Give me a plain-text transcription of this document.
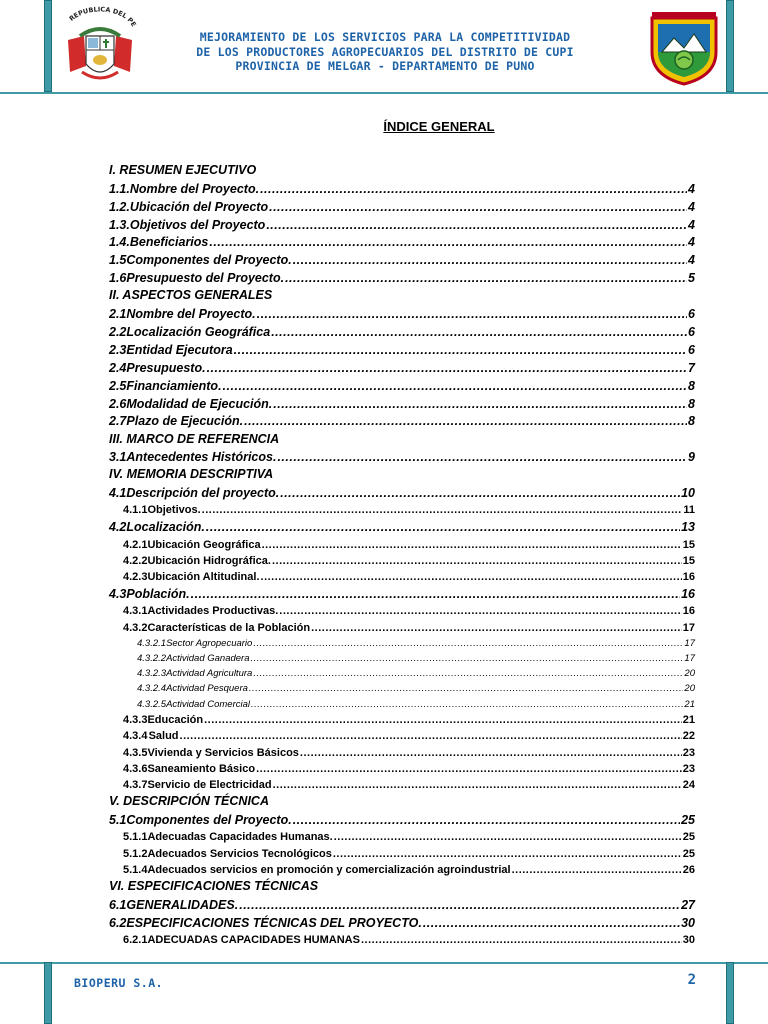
REPUBLICA DEL PE
MEJORAMIENTO DE LOS SERVICIOS PARA LA COMPETITIVIDAD
DE LOS PRODUCTORES AGROPECUARIOS DEL DISTRITO DE CUPI
PROVINCIA DE MELGAR - DEPARTAMENTO DE PUNO
ÍNDICE GENERAL
I. RESUMEN EJECUTIVO
1.1. Nombre del Proyecto. .....	4
1.2. Ubicación del Proyecto .....	4
1.3. Objetivos del Proyecto .....	4
1.4. Beneficiarios .....	4
1.5 Componentes del Proyecto. .....	4
1.6 Presupuesto del Proyecto. .....	5
II. ASPECTOS GENERALES
2.1 Nombre del Proyecto. .....	6
2.2 Localización Geográfica .....	6
2.3 Entidad Ejecutora .....	6
2.4 Presupuesto. .....	7
2.5 Financiamiento. .....	8
2.6 Modalidad de Ejecución. .....	8
2.7 Plazo de Ejecución. .....	8
III. MARCO DE REFERENCIA
3.1 Antecedentes Históricos. .....	9
IV. MEMORIA DESCRIPTIVA
4.1 Descripción del proyecto. .....	10
4.1.1 Objetivos. .....	11
4.2 Localización. .....	13
4.2.1 Ubicación Geográfica .....	15
4.2.2 Ubicación Hidrográfica. .....	15
4.2.3 Ubicación Altitudinal. .....	16
4.3 Población. .....	16
4.3.1 Actividades Productivas. .....	16
4.3.2 Características de la Población .....	17
4.3.2.1 Sector Agropecuario .....	17
4.3.2.2 Actividad Ganadera .....	17
4.3.2.3 Actividad Agricultura .....	20
4.3.2.4 Actividad Pesquera .....	20
4.3.2.5 Actividad Comercial .....	21
4.3.3 Educación .....	21
4.3.4 Salud .....	22
4.3.5 Vivienda y Servicios Básicos .....	23
4.3.6 Saneamiento Básico .....	23
4.3.7 Servicio de Electricidad .....	24
V. DESCRIPCIÓN TÉCNICA
5.1 Componentes del Proyecto. .....	25
5.1.1 Adecuadas Capacidades Humanas. .....	25
5.1.2 Adecuados Servicios Tecnológicos .....	25
5.1.4 Adecuados servicios en promoción y comercialización agroindustrial .....	26
VI. ESPECIFICACIONES TÉCNICAS
6.1 GENERALIDADES. .....	27
6.2 ESPECIFICACIONES TÉCNICAS DEL PROYECTO. .....	30
6.2.1 ADECUADAS CAPACIDADES HUMANAS .....	30
BIOPERU S.A.	2
